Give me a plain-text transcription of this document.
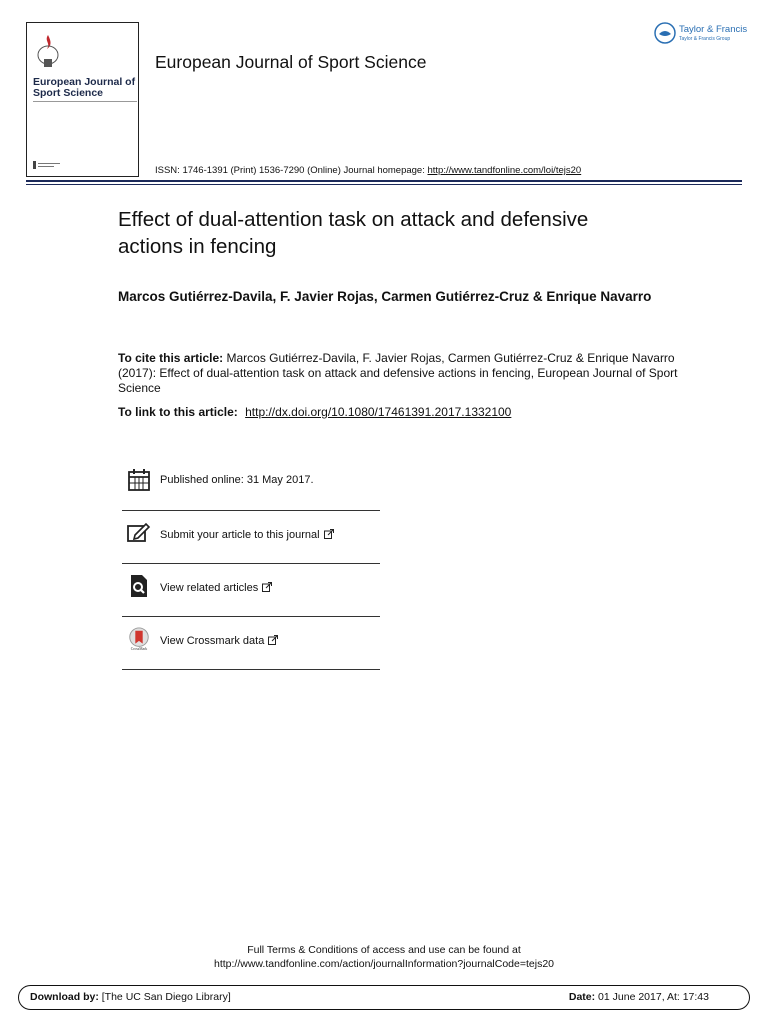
European Journal of Sport Science
European Journal of Sport Science
ISSN: 1746-1391 (Print) 1536-7290 (Online) Journal homepage: http://www.tandfonline.com/loi/tejs20
Taylor & Francis
Taylor & Francis Group
Effect of dual-attention task on attack and defensive actions in fencing
Marcos Gutiérrez-Davila, F. Javier Rojas, Carmen Gutiérrez-Cruz & Enrique Navarro
To cite this article: Marcos Gutiérrez-Davila, F. Javier Rojas, Carmen Gutiérrez-Cruz & Enrique Navarro (2017): Effect of dual-attention task on attack and defensive actions in fencing, European Journal of Sport Science
To link to this article: http://dx.doi.org/10.1080/17461391.2017.1332100
Published online: 31 May 2017.
Submit your article to this journal
View related articles
CrossMark
View Crossmark data
Full Terms & Conditions of access and use can be found at
http://www.tandfonline.com/action/journalInformation?journalCode=tejs20
Download by: [The UC San Diego Library]	Date: 01 June 2017, At: 17:43
